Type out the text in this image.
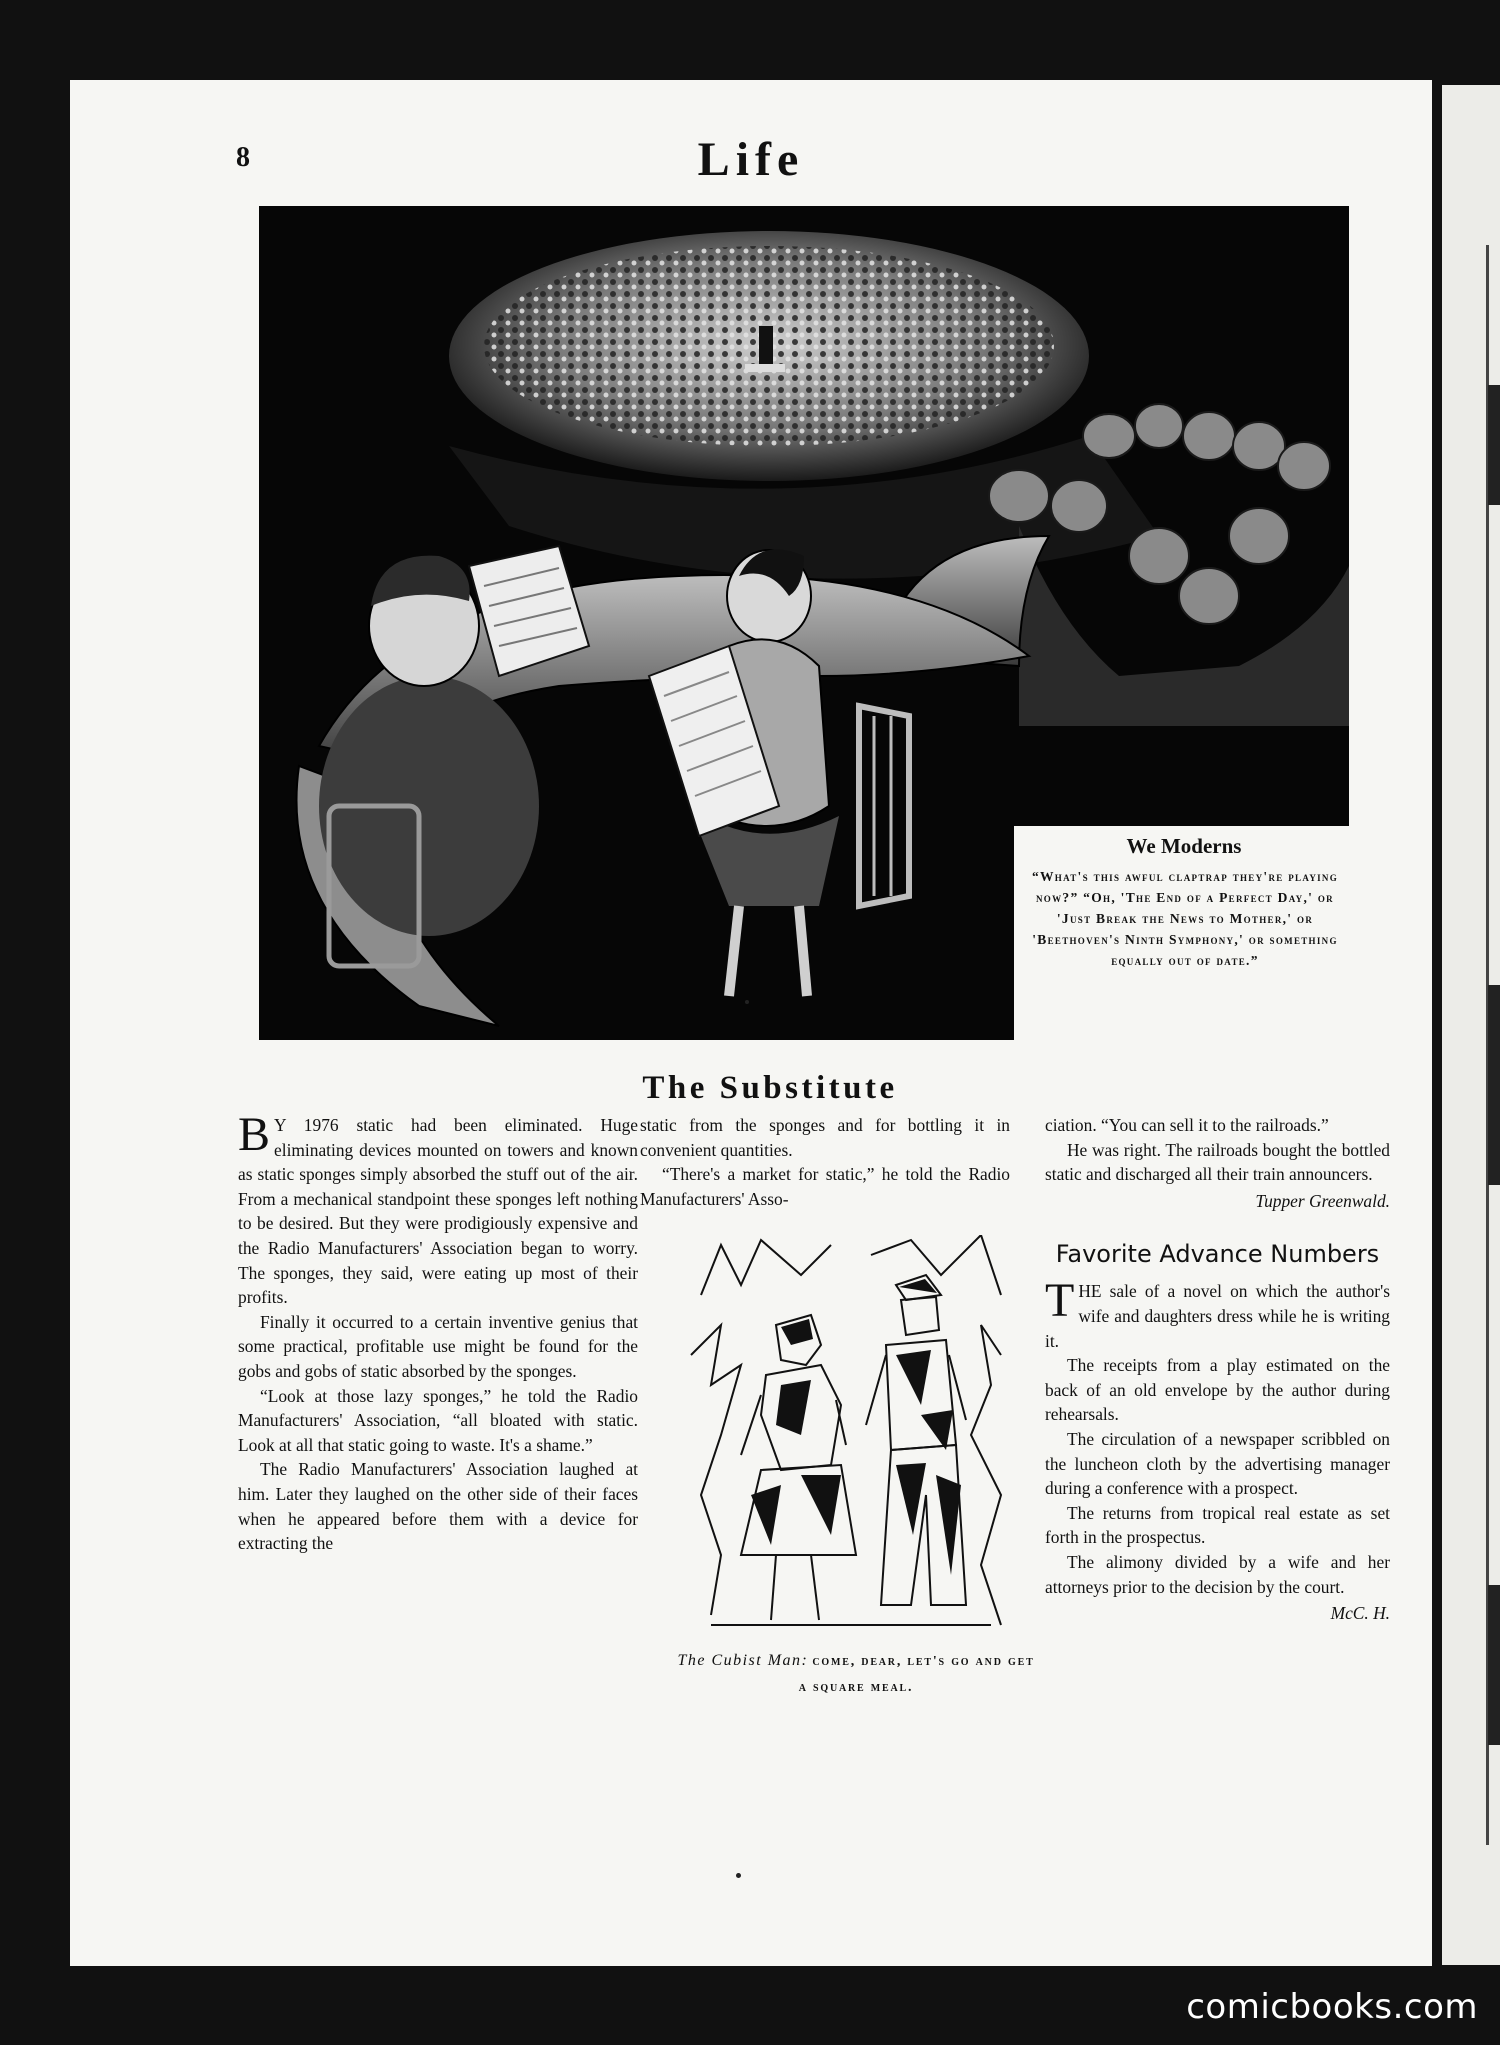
8	Life
We Moderns
“What's this awful claptrap they're playing now?” “Oh, 'The End of a Perfect Day,' or 'Just Break the News to Mother,' or 'Beethoven's Ninth Symphony,' or something equally out of date.”
The Substitute

B Y 1976 static had been eliminated. Huge eliminating devices mounted on towers and known as static sponges simply absorbed the stuff out of the air. From a mechanical standpoint these sponges left nothing to be desired. But they were prodigiously expensive and the Radio Manufacturers' Association began to worry. The sponges, they said, were eating up most of their profits.

Finally it occurred to a certain inventive genius that some practical, profitable use might be found for the gobs and gobs of static absorbed by the sponges.

“Look at those lazy sponges,” he told the Radio Manufacturers' Association, “all bloated with static. Look at all that static going to waste. It's a shame.”

The Radio Manufacturers' Association laughed at him. Later they laughed on the other side of their faces when he appeared before them with a device for extracting the

static from the sponges and for bottling it in convenient quantities.

“There's a market for static,” he told the Radio Manufacturers' Asso-

The Cubist Man: come, dear, let's go and get a square meal.

ciation. “You can sell it to the railroads.”

He was right. The railroads bought the bottled static and discharged all their train announcers.

Tupper Greenwald.
Favorite Advance Numbers

THE sale of a novel on which the author's wife and daughters dress while he is writing it.

The receipts from a play estimated on the back of an old envelope by the author during rehearsals.

The circulation of a newspaper scribbled on the luncheon cloth by the advertising manager during a conference with a prospect.

The returns from tropical real estate as set forth in the prospectus.

The alimony divided by a wife and her attorneys prior to the decision by the court.

McC. H.
comicbooks.com
